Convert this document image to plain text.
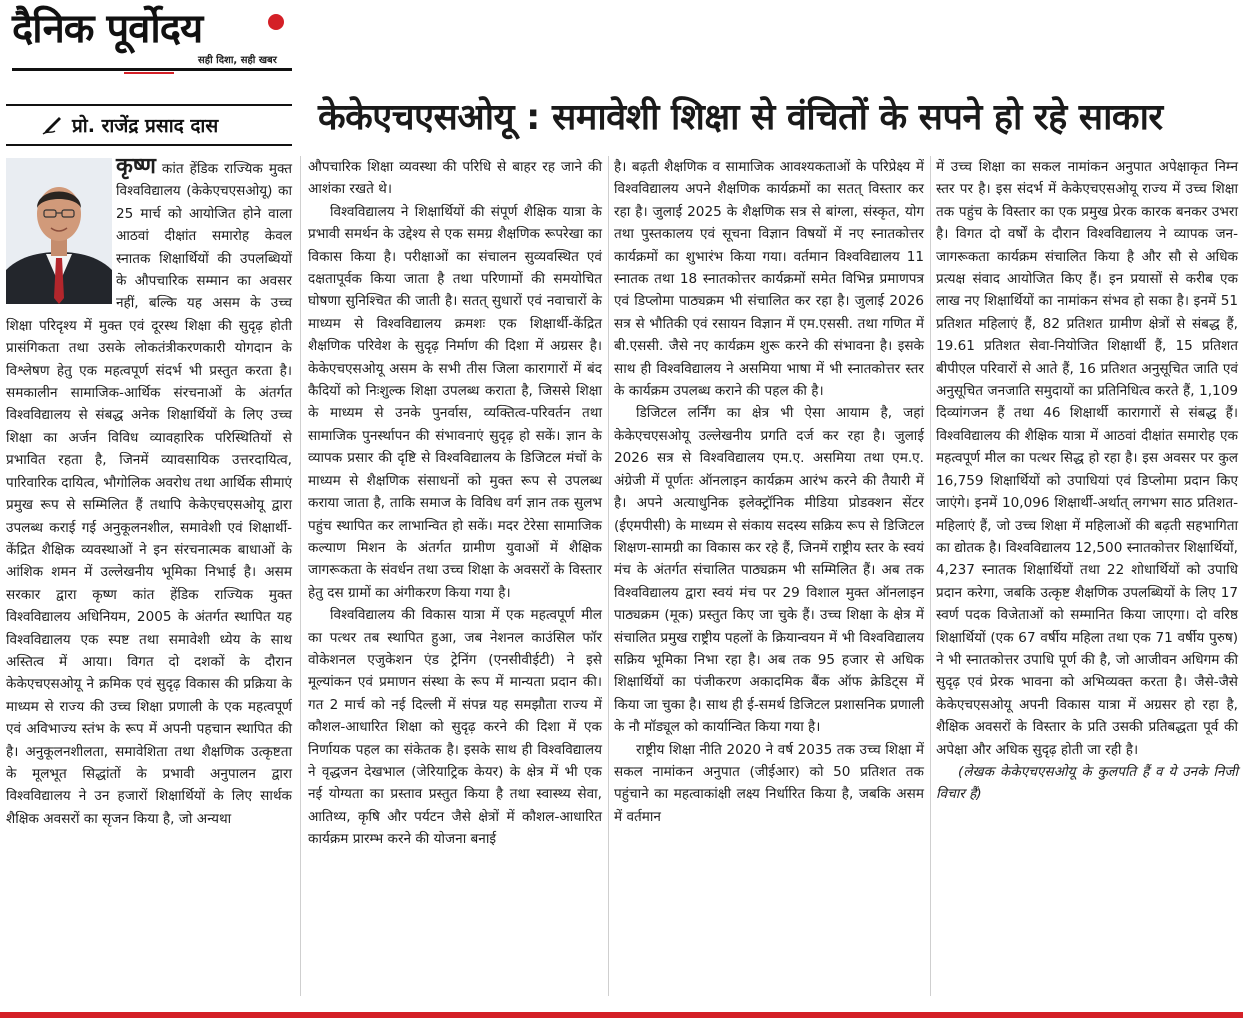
दैनिक पूर्वोदय
सही दिशा, सही खबर
प्रो. राजेंद्र प्रसाद दास	केकेएचएसओयू : समावेशी शिक्षा से वंचितों के सपने हो रहे साकार

कृष्ण कांत हेंडिक राज्यिक मुक्त विश्वविद्यालय (केकेएचएसओयू) का 25 मार्च को आयोजित होने वाला आठवां दीक्षांत समारोह केवल स्नातक शिक्षार्थियों की उपलब्धियों के औपचारिक सम्मान का अवसर नहीं, बल्कि यह असम के उच्च शिक्षा परिदृश्य में मुक्त एवं दूरस्थ शिक्षा की सुदृढ़ होती प्रासंगिकता तथा उसके लोकतंत्रीकरणकारी योगदान के विश्लेषण हेतु एक महत्वपूर्ण संदर्भ भी प्रस्तुत करता है। समकालीन सामाजिक-आर्थिक संरचनाओं के अंतर्गत विश्वविद्यालय से संबद्ध अनेक शिक्षार्थियों के लिए उच्च शिक्षा का अर्जन विविध व्यावहारिक परिस्थितियों से प्रभावित रहता है, जिनमें व्यावसायिक उत्तरदायित्व, पारिवारिक दायित्व, भौगोलिक अवरोध तथा आर्थिक सीमाएं प्रमुख रूप से सम्मिलित हैं तथापि केकेएचएसओयू द्वारा उपलब्ध कराई गई अनुकूलनशील, समावेशी एवं शिक्षार्थी-केंद्रित शैक्षिक व्यवस्थाओं ने इन संरचनात्मक बाधाओं के आंशिक शमन में उल्लेखनीय भूमिका निभाई है। असम सरकार द्वारा कृष्ण कांत हेंडिक राज्यिक मुक्त विश्वविद्यालय अधिनियम, 2005 के अंतर्गत स्थापित यह विश्वविद्यालय एक स्पष्ट तथा समावेशी ध्येय के साथ अस्तित्व में आया। विगत दो दशकों के दौरान केकेएचएसओयू ने क्रमिक एवं सुदृढ़ विकास की प्रक्रिया के माध्यम से राज्य की उच्च शिक्षा प्रणाली के एक महत्वपूर्ण एवं अविभाज्य स्तंभ के रूप में अपनी पहचान स्थापित की है। अनुकूलनशीलता, समावेशिता तथा शैक्षणिक उत्कृष्टता के मूलभूत सिद्धांतों के प्रभावी अनुपालन द्वारा विश्वविद्यालय ने उन हजारों शिक्षार्थियों के लिए सार्थक शैक्षिक अवसरों का सृजन किया है, जो अन्यथा

औपचारिक शिक्षा व्यवस्था की परिधि से बाहर रह जाने की आशंका रखते थे।

विश्वविद्यालय ने शिक्षार्थियों की संपूर्ण शैक्षिक यात्रा के प्रभावी समर्थन के उद्देश्य से एक समग्र शैक्षणिक रूपरेखा का विकास किया है। परीक्षाओं का संचालन सुव्यवस्थित एवं दक्षतापूर्वक किया जाता है तथा परिणामों की समयोचित घोषणा सुनिश्चित की जाती है। सतत् सुधारों एवं नवाचारों के माध्यम से विश्वविद्यालय क्रमशः एक शिक्षार्थी-केंद्रित शैक्षणिक परिवेश के सुदृढ़ निर्माण की दिशा में अग्रसर है। केकेएचएसओयू असम के सभी तीस जिला कारागारों में बंद कैदियों को निःशुल्क शिक्षा उपलब्ध कराता है, जिससे शिक्षा के माध्यम से उनके पुनर्वास, व्यक्तित्व-परिवर्तन तथा सामाजिक पुनर्स्थापन की संभावनाएं सुदृढ़ हो सकें। ज्ञान के व्यापक प्रसार की दृष्टि से विश्वविद्यालय के डिजिटल मंचों के माध्यम से शैक्षणिक संसाधनों को मुक्त रूप से उपलब्ध कराया जाता है, ताकि समाज के विविध वर्ग ज्ञान तक सुलभ पहुंच स्थापित कर लाभान्वित हो सकें। मदर टेरेसा सामाजिक कल्याण मिशन के अंतर्गत ग्रामीण युवाओं में शैक्षिक जागरूकता के संवर्धन तथा उच्च शिक्षा के अवसरों के विस्तार हेतु दस ग्रामों का अंगीकरण किया गया है।

विश्वविद्यालय की विकास यात्रा में एक महत्वपूर्ण मील का पत्थर तब स्थापित हुआ, जब नेशनल काउंसिल फॉर वोकेशनल एजुकेशन एंड ट्रेनिंग (एनसीवीईटी) ने इसे मूल्यांकन एवं प्रमाणन संस्था के रूप में मान्यता प्रदान की। गत 2 मार्च को नई दिल्ली में संपन्न यह समझौता राज्य में कौशल-आधारित शिक्षा को सुदृढ़ करने की दिशा में एक निर्णायक पहल का संकेतक है। इसके साथ ही विश्वविद्यालय ने वृद्धजन देखभाल (जेरियाट्रिक केयर) के क्षेत्र में भी एक नई योग्यता का प्रस्ताव प्रस्तुत किया है तथा स्वास्थ्य सेवा, आतिथ्य, कृषि और पर्यटन जैसे क्षेत्रों में कौशल-आधारित कार्यक्रम प्रारम्भ करने की योजना बनाई

है। बढ़ती शैक्षणिक व सामाजिक आवश्यकताओं के परिप्रेक्ष्य में विश्वविद्यालय अपने शैक्षणिक कार्यक्रमों का सतत् विस्तार कर रहा है। जुलाई 2025 के शैक्षणिक सत्र से बांग्ला, संस्कृत, योग तथा पुस्तकालय एवं सूचना विज्ञान विषयों में नए स्नातकोत्तर कार्यक्रमों का शुभारंभ किया गया। वर्तमान विश्वविद्यालय 11 स्नातक तथा 18 स्नातकोत्तर कार्यक्रमों समेत विभिन्न प्रमाणपत्र एवं डिप्लोमा पाठ्यक्रम भी संचालित कर रहा है। जुलाई 2026 सत्र से भौतिकी एवं रसायन विज्ञान में एम.एससी. तथा गणित में बी.एससी. जैसे नए कार्यक्रम शुरू करने की संभावना है। इसके साथ ही विश्वविद्यालय ने असमिया भाषा में भी स्नातकोत्तर स्तर के कार्यक्रम उपलब्ध कराने की पहल की है।

डिजिटल लर्निंग का क्षेत्र भी ऐसा आयाम है, जहां केकेएचएसओयू उल्लेखनीय प्रगति दर्ज कर रहा है। जुलाई 2026 सत्र से विश्वविद्यालय एम.ए. असमिया तथा एम.ए. अंग्रेजी में पूर्णतः ऑनलाइन कार्यक्रम आरंभ करने की तैयारी में है। अपने अत्याधुनिक इलेक्ट्रॉनिक मीडिया प्रोडक्शन सेंटर (ईएमपीसी) के माध्यम से संकाय सदस्य सक्रिय रूप से डिजिटल शिक्षण-सामग्री का विकास कर रहे हैं, जिनमें राष्ट्रीय स्तर के स्वयं मंच के अंतर्गत संचालित पाठ्यक्रम भी सम्मिलित हैं। अब तक विश्वविद्यालय द्वारा स्वयं मंच पर 29 विशाल मुक्त ऑनलाइन पाठ्यक्रम (मूक) प्रस्तुत किए जा चुके हैं। उच्च शिक्षा के क्षेत्र में संचालित प्रमुख राष्ट्रीय पहलों के क्रियान्वयन में भी विश्वविद्यालय सक्रिय भूमिका निभा रहा है। अब तक 95 हजार से अधिक शिक्षार्थियों का पंजीकरण अकादमिक बैंक ऑफ क्रेडिट्स में किया जा चुका है। साथ ही ई-समर्थ डिजिटल प्रशासनिक प्रणाली के नौ मॉड्यूल को कार्यान्वित किया गया है।

राष्ट्रीय शिक्षा नीति 2020 ने वर्ष 2035 तक उच्च शिक्षा में सकल नामांकन अनुपात (जीईआर) को 50 प्रतिशत तक पहुंचाने का महत्वाकांक्षी लक्ष्य निर्धारित किया है, जबकि असम में वर्तमान

में उच्च शिक्षा का सकल नामांकन अनुपात अपेक्षाकृत निम्न स्तर पर है। इस संदर्भ में केकेएचएसओयू राज्य में उच्च शिक्षा तक पहुंच के विस्तार का एक प्रमुख प्रेरक कारक बनकर उभरा है। विगत दो वर्षों के दौरान विश्वविद्यालय ने व्यापक जन-जागरूकता कार्यक्रम संचालित किया है और सौ से अधिक प्रत्यक्ष संवाद आयोजित किए हैं। इन प्रयासों से करीब एक लाख नए शिक्षार्थियों का नामांकन संभव हो सका है। इनमें 51 प्रतिशत महिलाएं हैं, 82 प्रतिशत ग्रामीण क्षेत्रों से संबद्ध हैं, 19.61 प्रतिशत सेवा-नियोजित शिक्षार्थी हैं, 15 प्रतिशत बीपीएल परिवारों से आते हैं, 16 प्रतिशत अनुसूचित जाति एवं अनुसूचित जनजाति समुदायों का प्रतिनिधित्व करते हैं, 1,109 दिव्यांगजन हैं तथा 46 शिक्षार्थी कारागारों से संबद्ध हैं। विश्वविद्यालय की शैक्षिक यात्रा में आठवां दीक्षांत समारोह एक महत्वपूर्ण मील का पत्थर सिद्ध हो रहा है। इस अवसर पर कुल 16,759 शिक्षार्थियों को उपाधियां एवं डिप्लोमा प्रदान किए जाएंगे। इनमें 10,096 शिक्षार्थी-अर्थात् लगभग साठ प्रतिशत-महिलाएं हैं, जो उच्च शिक्षा में महिलाओं की बढ़ती सहभागिता का द्योतक है। विश्वविद्यालय 12,500 स्नातकोत्तर शिक्षार्थियों, 4,237 स्नातक शिक्षार्थियों तथा 22 शोधार्थियों को उपाधि प्रदान करेगा, जबकि उत्कृष्ट शैक्षणिक उपलब्धियों के लिए 17 स्वर्ण पदक विजेताओं को सम्मानित किया जाएगा। दो वरिष्ठ शिक्षार्थियों (एक 67 वर्षीय महिला तथा एक 71 वर्षीय पुरुष) ने भी स्नातकोत्तर उपाधि पूर्ण की है, जो आजीवन अधिगम की सुदृढ़ एवं प्रेरक भावना को अभिव्यक्त करता है। जैसे-जैसे केकेएचएसओयू अपनी विकास यात्रा में अग्रसर हो रहा है, शैक्षिक अवसरों के विस्तार के प्रति उसकी प्रतिबद्धता पूर्व की अपेक्षा और अधिक सुदृढ़ होती जा रही है।

(लेखक केकेएचएसओयू के कुलपति हैं व ये उनके निजी विचार हैं)
